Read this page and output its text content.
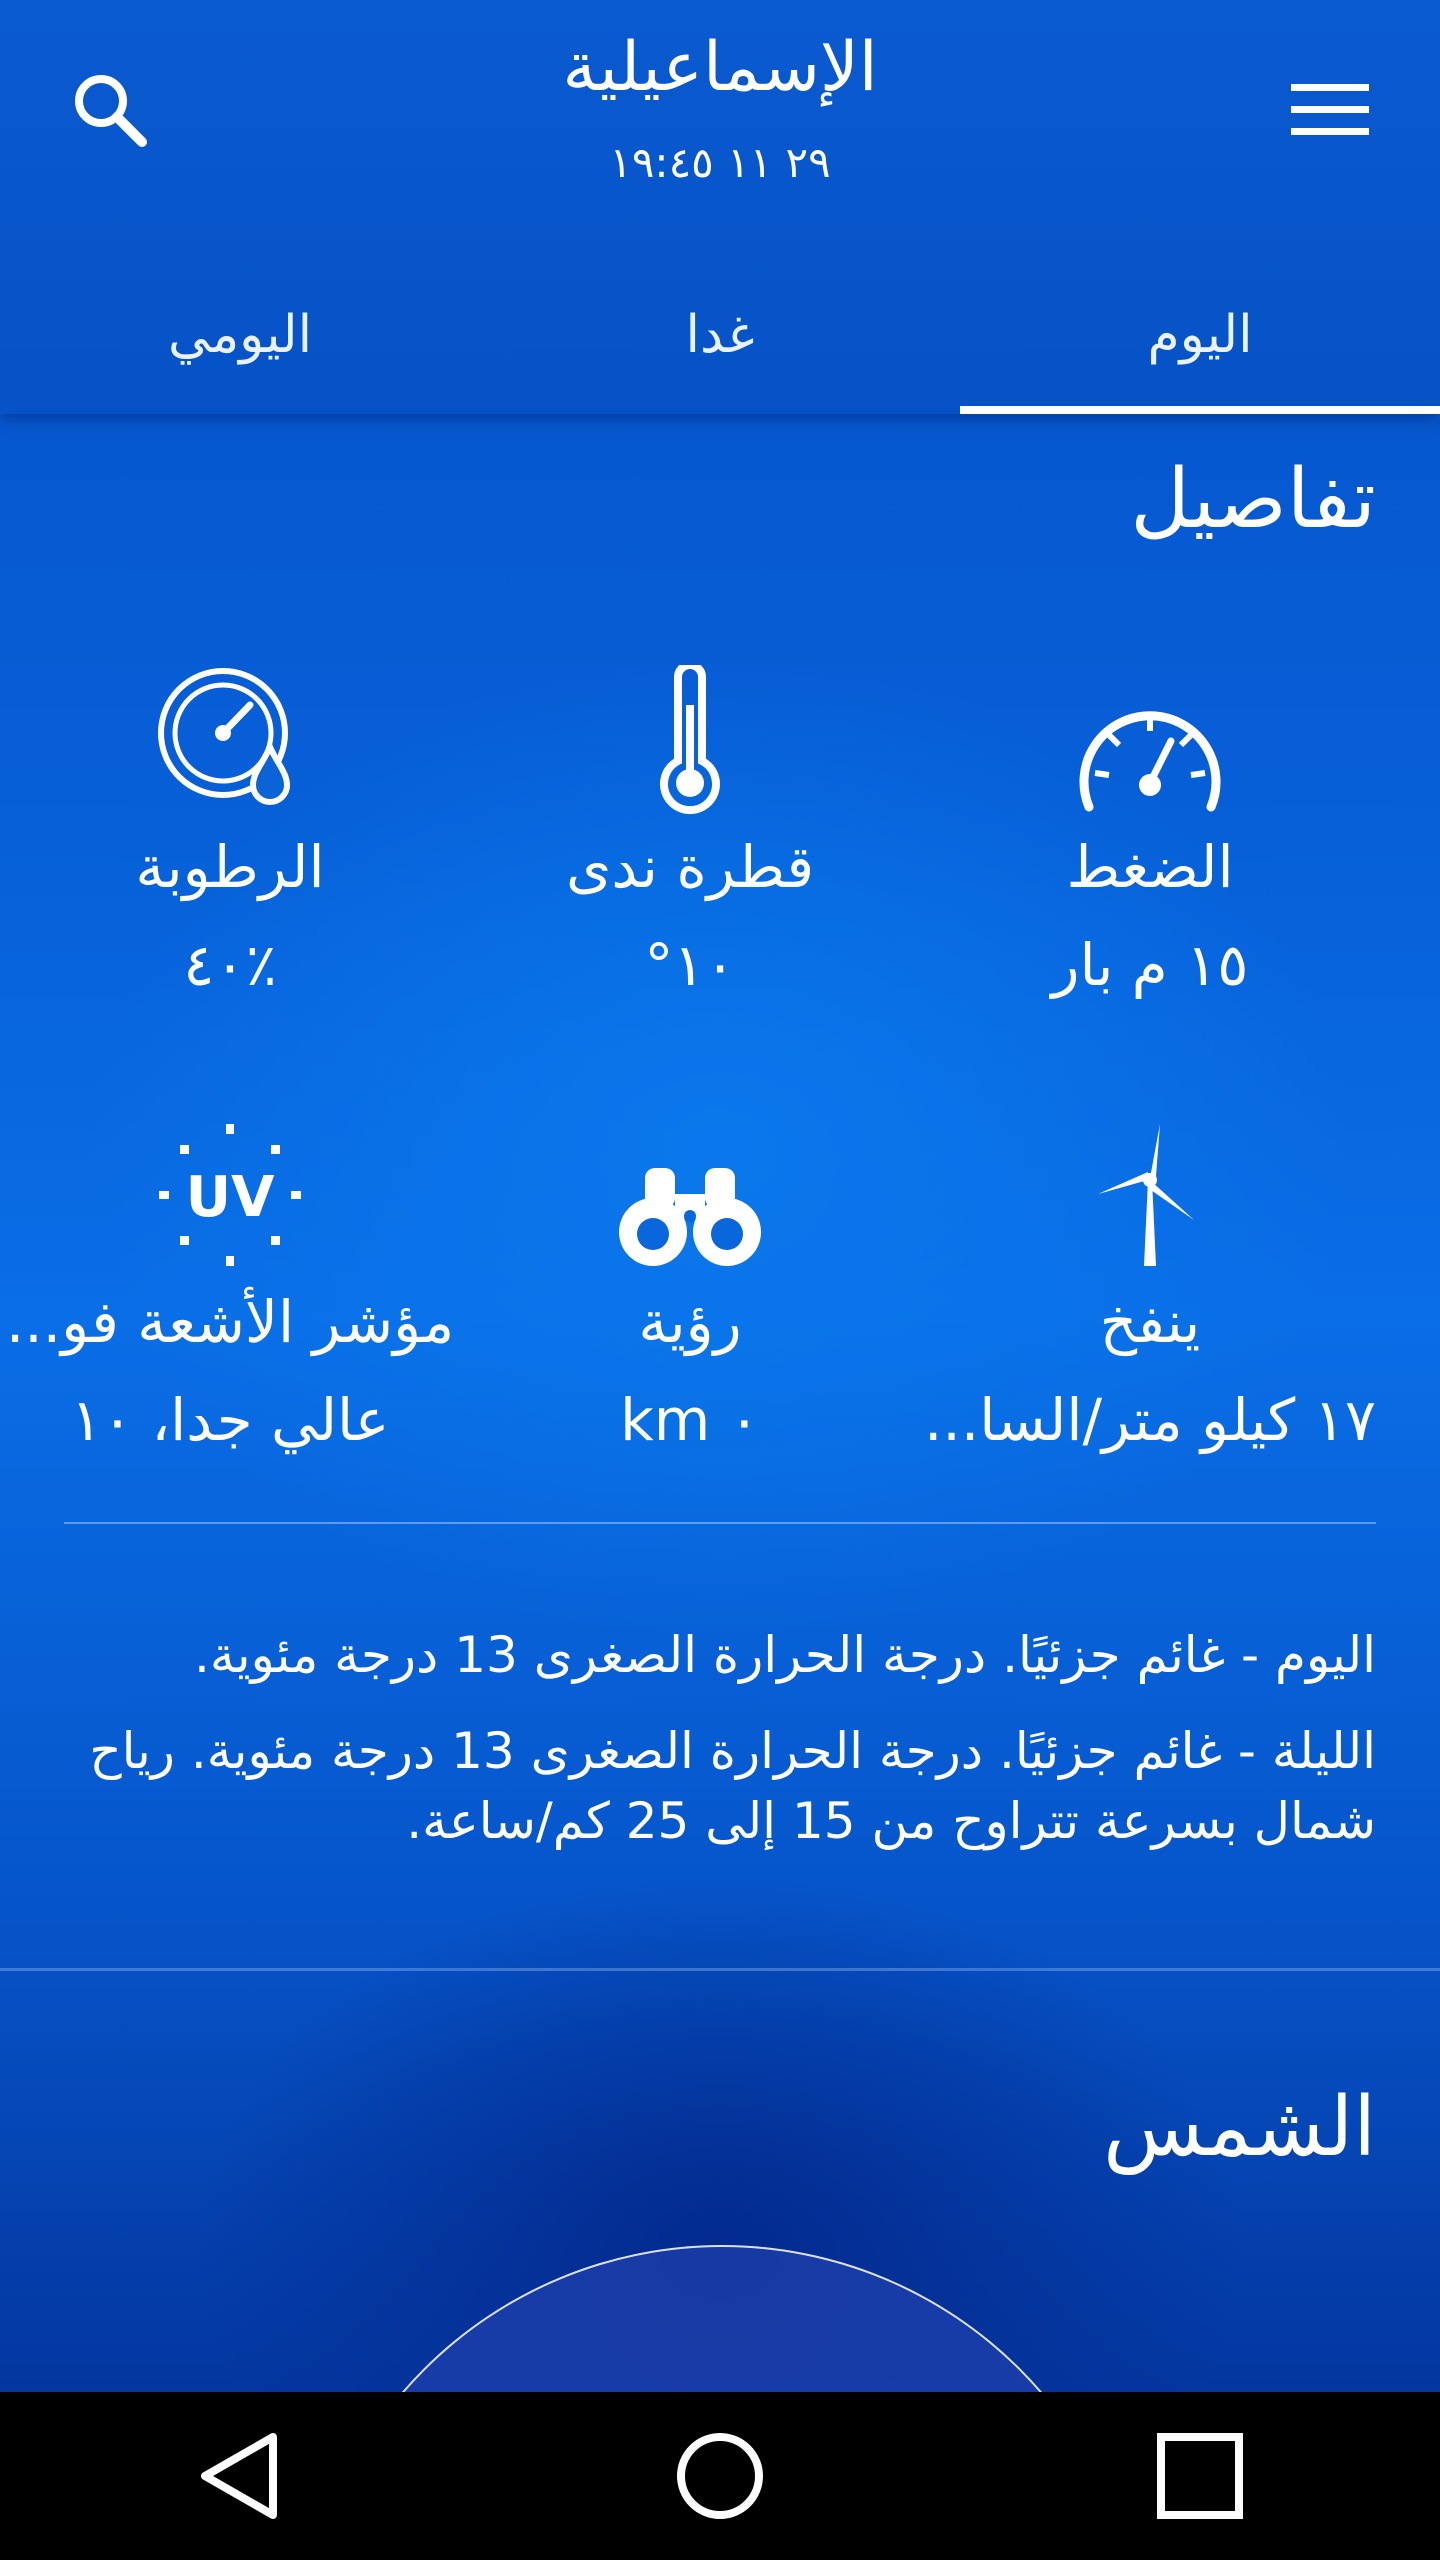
الإسماعيلية
٢٩ ١١ ١٩:٤٥
اليومي	غدا	اليوم
تفاصيل
الرطوبة
٪٤٠
قطرة ندى
١٠°
الضغط
١٥ م بار
UV
مؤشر الأشعة فو...
عالي جدا، ١٠
رؤية
٠ km
ينفخ
١٧ كيلو متر/السا...

اليوم - غائم جزئيًا. درجة الحرارة الصغرى 13 درجة مئوية.

الليلة - غائم جزئيًا. درجة الحرارة الصغرى 13 درجة مئوية. رياح شمال بسرعة تتراوح من 15 إلى 25 كم/ساعة.

الشمس
